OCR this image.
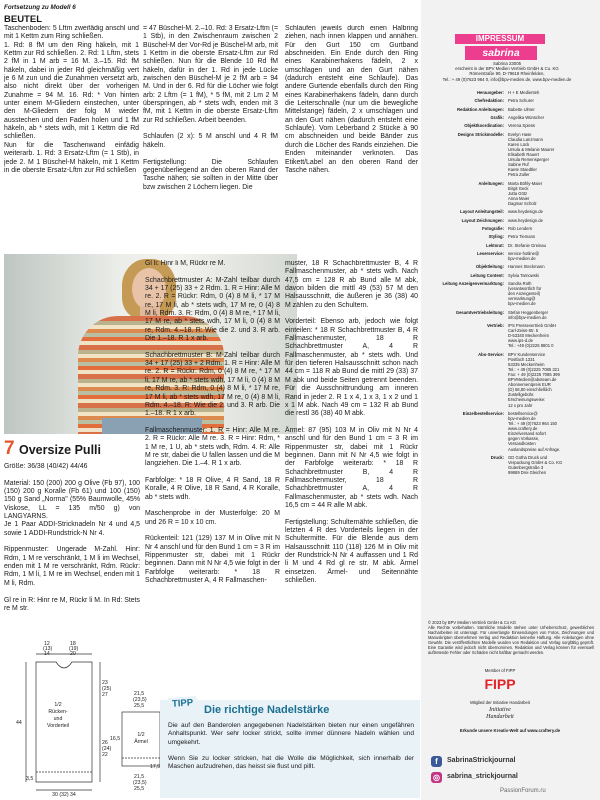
Fortsetzung zu Modell 6
BEUTEL
Taschenboden: 5 Lftm zweifädig anschl und mit 1 Kettm zum Ring schließen.
1. Rd: 8 fM um den Ring häkeln, mit 1 Kettm zur Rd schließen. 2. Rd: 1 Lftm, stets 2 fM in 1 M arb = 16 M. 3.–15. Rd: fM häkeln, dabei in jeder Rd gleichmäßig vert je 6 M zun und die Zunahmen versetzt arb, also nicht direkt über der vorherigen Zunahme = 94 M. 16. Rd: * Von hinten unter einem M-Gliedern einstechen, unter den M-Gliedern der folg M wieder ausstechen und den Faden holen und 1 fM häkeln, ab * stets wdh, mit 1 Kettm die Rd schließen.
Nun für die Taschenwand einfädig weiterarb. 1. Rd: 3 Ersatz-Lftm (= 1 Stb), in jede 2. M 1 Büschel-M häkeln, mit 1 Kettm in die oberste Ersatz-Lftm zur Rd schließen
= 47 Büschel-M. 2.–10. Rd: 3 Ersatz-Lftm (= 1 Stb), in den Zwischenraum zwischen 2 Büschel-M der Vor-Rd je Büschel-M arb, mit 1 Kettm in die oberste Ersatz-Lftm zur Rd schließen. Nun für die Blende 10 Rd fM häkeln, dafür in der 1. Rd in jede Lücke zwischen den Büschel-M je 2 fM arb = 94 M. Und in der 6. Rd für die Löcher wie folgt arb: 2 Lftm (= 1 fM), * 5 fM, mit 2 Lm 2 M überspringen, ab * stets wdh, enden mit 3 fM, mit 1 Kettm in die oberste Ersatz-Lftm zur Rd schließen. Arbeit beenden.

Schlaufen (2 x): 5 M anschl und 4 R fM häkeln.

Fertigstellung: Die Schlaufen gegenüberliegend an den oberen Rand der Tasche nähen; sie sollten in der Mitte über bzw zwischen 2 Löchern liegen. Die
Schlaufen jeweils durch einen Halbring ziehen, nach innen klappen und annähen. Für den Gurt 150 cm Gurtband abschneiden. Ein Ende durch den Ring eines Karabinerhakens fädeln, 2 x umschlagen und an den Gurt nähen (dadurch entsteht eine Schlaufe). Das andere Gurtende ebenfalls durch den Ring eines Karabinerhakens fädeln, dann durch die Leiterschnalle (nur um die bewegliche Mittelstange) fädeln, 2 x umschlagen und an den Gurt nähen (dadurch entsteht eine Schlaufe). Vom Leberband 2 Stücke à 90 cm abschneiden und beide Bänder zus durch die Löcher des Rands einziehen. Die Enden miteinander verknoten. Das Etikett/Label an den oberen Rand der Tasche nähen.
7 Oversize Pulli
Größe: 36/38 (40/42) 44/46

Material: 150 (200) 200 g Olive (Fb 97), 100 (150) 200 g Koralle (Fb 61) und 100 (150) 150 g Sand „Norma" (55% Baumwolle, 45% Viskose, LL = 135 m/50 g) von LANGYARNS.
Je 1 Paar ADDI-Stricknadeln Nr 4 und 4,5 sowie 1 ADDI-Rundstrick-N Nr 4.

Rippenmuster: Ungerade M-Zahl. Hinr: Rdm, 1 M re verschränkt, 1 M li im Wechsel, enden mit 1 M re verschränkt, Rdm. Rückr: Rdm, 1 M li, 1 M re im Wechsel, enden mit 1 M li, Rdm.

Gl re in R: Hinr re M, Rückr li M. In Rd: Stets re M str.
Gl li: Hinr li M, Rückr re M.

Schachbrettmuster A: M-Zahl teilbar durch 34 + 17 (25) 33 + 2 Rdm. 1. R = Hinr: Alle M re. 2. R = Rückr: Rdm, 0 (4) 8 M li, * 17 M re, 17 M li, ab * stets wdh, 17 M re, 0 (4) 8 M li, Rdm. 3. R: Rdm, 0 (4) 8 M re, * 17 M li, 17 M re, ab * stets wdh, 17 M li, 0 (4) 8 M re, Rdm. 4.–18. R: Wie die 2. und 3. R arb. Die 1.–18. R 1 x arb.

Schachbrettmuster B: M-Zahl teilbar durch 34 + 17 (25) 33 + 2 Rdm. 1. R = Hinr: Alle M re. 2. R = Rückr: Rdm, 0 (4) 8 M re, * 17 M li, 17 M re, ab * stets wdh, 17 M li, 0 (4) 8 M re, Rdm. 3. R: Rdm, 0 (4) 8 M li, * 17 M re, 17 M li, ab * stets wdh, 17 M re, 0 (4) 8 M li, Rdm. 4.–18. R: Wie die 2. und 3. R arb. Die 1.–18. R 1 x arb.

Fallmaschenmuster: 1. R = Hinr: Alle M re. 2. R = Rückr: Alle M re. 3. R = Hinr: Rdm, * 1 M re, 1 U, ab * stets wdh, Rdm. 4. R: Alle M re str, dabei die U fallen lassen und die M langziehen. Die 1.–4. R 1 x arb.

Farbfolge: * 18 R Olive, 4 R Sand, 18 R Koralle, 4 R Olive, 18 R Sand, 4 R Koralle, ab * stets wdh.

Maschenprobe in der Musterfolge: 20 M und 26 R = 10 x 10 cm.

Rückenteil: 121 (129) 137 M in Olive mit N Nr 4 anschl und für den Bund 1 cm = 3 R im Rippenmuster str, dabei mit 1 Rückr beginnen. Dann mit N Nr 4,5 wie folgt in der Farbfolge weiterarb: * 18 R Schachbrettmuster A, 4 R Fallmaschen-
muster, 18 R Schachbrettmuster B, 4 R Fallmaschenmuster, ab * stets wdh. Nach 47,5 cm = 128 R ab Bund alle M abk, davon bilden die mittl 49 (53) 57 M den Halsausschnitt, die äußeren je 36 (38) 40 M zählen zu den Schultern.

Vorderteil: Ebenso arb, jedoch wie folgt einteilen: * 18 R Schachbrettmuster B, 4 R Fallmaschenmuster, 18 R Schachbrettmuster A, 4 R Fallmaschenmuster, ab * stets wdh. Und für den tieferen Halsausschnitt schon nach 44 cm = 118 R ab Bund die mittl 29 (33) 37 M abk und beide Seiten getrennt beenden. Für die Ausschnittrundung am inneren Rand in jeder 2. R 1 x 4, 1 x 3, 1 x 2 und 1 x 1 M abk. Nach 49 cm = 132 R ab Bund die restl 36 (38) 40 M abk.

Ärmel: 87 (95) 103 M in Oliv mit N Nr 4 anschl und für den Bund 1 cm = 3 R im Rippenmuster str, dabei mit 1 Rückr beginnen. Dann mit N Nr 4,5 wie folgt in der Farbfolge weiterarb: * 18 R Schachbrettmuster B, 4 R Fallmaschenmuster, 18 R Schachbrettmuster A, 4 R Fallmaschenmuster, ab * stets wdh. Nach 16,5 cm = 44 R alle M abk.

Fertigstellung: Schulternähte schließen, die letzten 4 R des Vorderteils liegen in der Schultermitte. Für die Blende aus dem Halsausschnitt 110 (118) 126 M in Oliv mit der Rundstrick-N Nr 4 auffassen und 1 Rd li M und 4 Rd gl re str. M abk. Ärmel einsetzen. Ärmel- und Seitennähte schließen.
12
(13)
14
18
(19)
20
1/2
Rücken-
und
Vorderteil
23
(25)
27
26
(24)
22
44
3,5
30 (32) 34
1/2
Ärmel
21,5
(23,5)
25,5
21,5
(23,5)
25,5
16,5
17,5
TIPP
Die richtige Nadelstärke
Die auf den Banderolen angegebenen Nadelstärken bieten nur einen ungefähren Anhaltspunkt. Wer sehr locker strickt, sollte immer dünnere Nadeln wählen und umgekehrt.

Wenn Sie zu locker stricken, hat die Wolle die Möglichkeit, sich innerhalb der Maschen aufzudrehen, das heisst sie flust und pillt.
IMPRESSUM
sabrina
Sabrina 23005
erscheint in der BPV Medien Vertrieb GmbH & Co. KG
Römerstraße 90, D-79618 Rheinfelden,
Tel.: + 49 (0)7623 964 0, info@bpv-medien.de, www.bpv-medien.de
Herausgeber: H + E Medienteh
Chefredaktion: Petra Schurer
Redaktion Anleitungen: Babette Ulmer
Grafik: Angelika Wünscher
Objektkoordination: Verena Spiess
Designs Strickmodelle: Evelyn Hase
Claudia Lanzmann
Karen Lück
Ursula & Melanie Maurer
Elisabeth Rauert
Ursula Remensperger
Sabine Ruf
Kaete Staedtler
Petra Zuller
Anleitungen: Marta Böhly-Maier
Birgit Geck
Jutta Götz
Anna Maier
Dagmar Scholz
Layout Anleitungsteil: www.heydesign.de
Layout Zeichnungen: www.heydesign.de
Fotografie: Rob Lenders
Styling: Petra Tiemann
Lektorat: Dr. Stefanie Greinau
Leserservice: service-hotline@
bpv-medien.de
Objektleitung: Hannes Steckmann
Leitung Content: Sylvia Tarnowski
Leitung Anzeigenvermarktung: Sandra Roth
(verantwortlich für
den Anzeigenteil)
vermarktung@
bpv-medien.de
Gesamtvertriebsleitung: Stefan Heggenberger
info@bpv-medien.de
Vertrieb: IPS Pressevertrieb GmbH
Carl-Zeiss-Str. 5
D-53340 Meckenheim
www.ips-d.de
Tel.: +49 (0)2225 8801 0
Abo-Service: BPV Kundenservice
Postfach 1331
53335 Meckenheim
Tel.: + 49 (0)2225 7085 321
Fax: + 49 (0)2225 7085 399
BPVMedien@aboteam.de
Abonnementpreis EUR
(D) 58,80 einschließlich
Zustellgebühr.
Erscheinungsweise:
12 x pro Jahr
Einzelbestellservice: bestellservice@
bpv-medien.de
Tel.: + 49 (0)7623 964 150
www.craftery.de
Einzelversand sofort
gegen Vorkasse,
Versandkosten
Auslandspreise auf Anfrage.
Druck: GD Gotha Druck und
Verpackung GmbH & Co. KG
Gutenbergstraße 3
99869 Drei Gleichen
© 2023 by BPV Medien Vertrieb GmbH & Co KG
Alle Rechte vorbehalten. Sämtliche Modelle stehen unter Urheberschutz, gewerbliches Nacharbeiten ist untersagt. Für unverlangte Einsendungen von Fotos, Zeichnungen und Manuskripten übernehmen Verlag und Redaktion keinerlei Haftung. Alle Anleitungen ohne Gewähr. Die veröffentlichten Modelle wurden von Redaktion und Verlag sorgfältig geprüft. Eine Garantie wird jedoch nicht übernommen. Redaktion und Verlag können für eventuell auftretende Fehler oder Schäden nicht haftbar gemacht werden.
Member of FIPP
FIPP
Mitglied der Initiative Handarbeit
Initiative
Handarbeit
Erkunde unsere Kreativ-Welt auf www.craftery.de
f	SabrinaStrickjournal
◎ sabrina_strickjournal
PassionForum.ru
